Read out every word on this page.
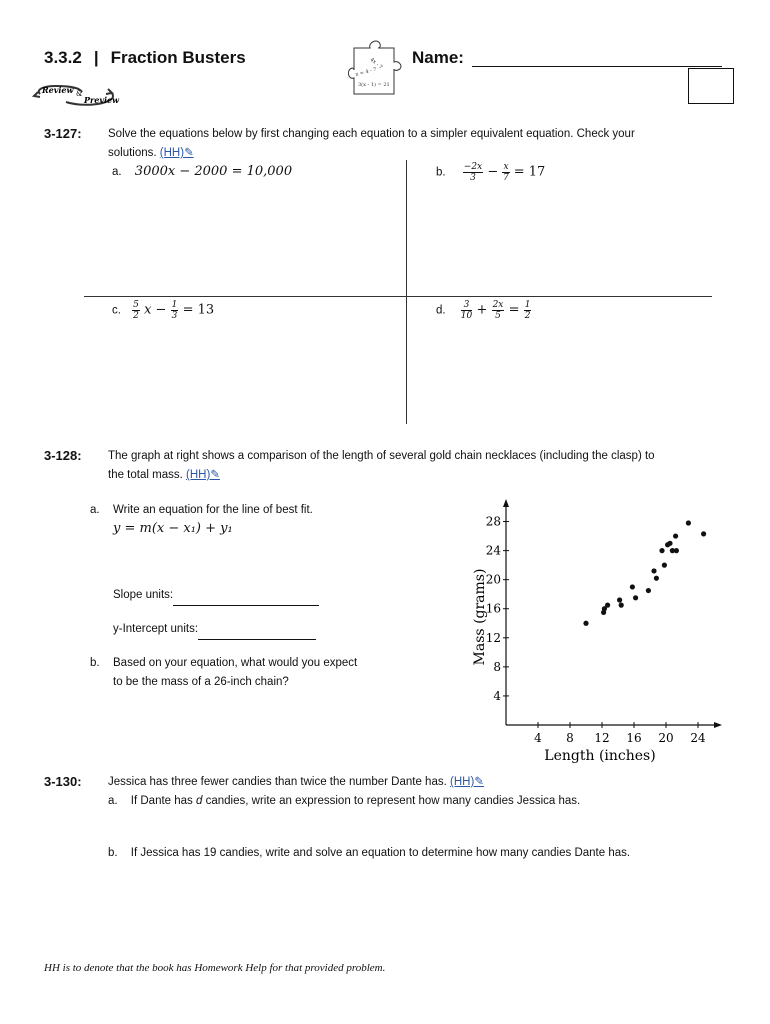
3.3.2 | Fraction Busters
3(x - 1) = 21
x = 4 - 7
4x - 7 Name:
Review &
Preview
3-127: Solve the equations below by first changing each equation to a simpler equivalent equation. Check your
solutions. (HH)✎
a. 3000x − 2000 = 10,000	b. $\frac{-2x}{3} - \frac{x}{7} = 17$
c. $\frac{5}{2}$ $x - \frac{1}{3} = 13$	d. $\frac{3}{10} + \frac{2x}{5} = \frac{1}{2}$
3-128: The graph at right shows a comparison of the length of several gold chain necklaces (including the clasp) to
the total mass. (HH)✎
a. Write an equation for the line of best fit.
y = m(x − x₁) + y₁
Slope units:
y-Intercept units:
b. Based on your equation, what would you expect
to be the mass of a 26-inch chain?
4 8 12 16 20 24
4
8
12
16
20
24
28
Length (inches)
Mass (grams)
3-130: Jessica has three fewer candies than twice the number Dante has. (HH)✎
a. If Dante has d candies, write an expression to represent how many candies Jessica has.
b. If Jessica has 19 candies, write and solve an equation to determine how many candies Dante has.
HH is to denote that the book has Homework Help for that provided problem.
